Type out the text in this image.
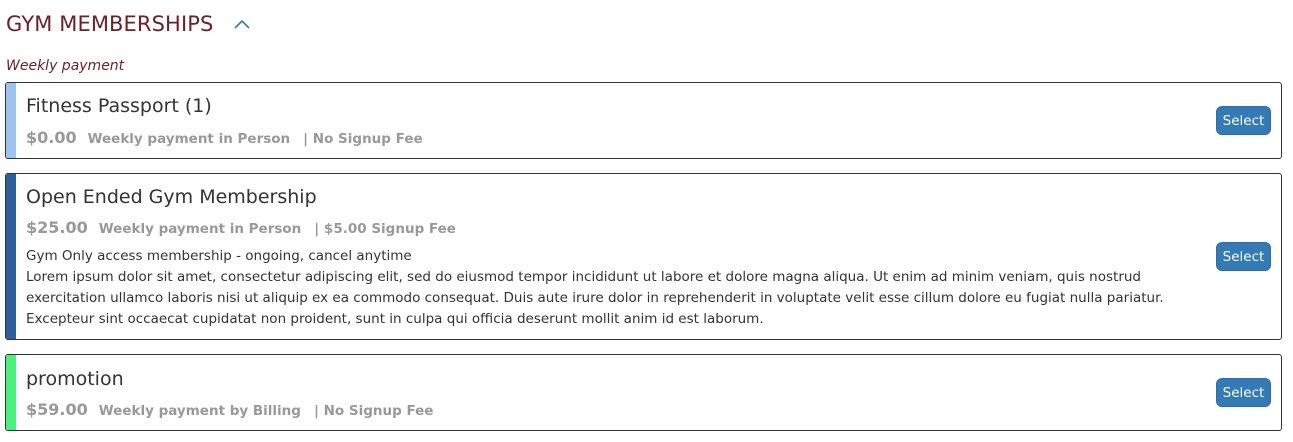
GYM MEMBERSHIPS
Weekly payment
Fitness Passport (1)
$0.00 Weekly payment in Person | No Signup Fee
Select
Open Ended Gym Membership
$25.00 Weekly payment in Person | $5.00 Signup Fee
Gym Only access membership - ongoing, cancel anytime
Lorem ipsum dolor sit amet, consectetur adipiscing elit, sed do eiusmod tempor incididunt ut labore et dolore magna aliqua. Ut enim ad minim veniam, quis nostrud exercitation ullamco laboris nisi ut aliquip ex ea commodo consequat. Duis aute irure dolor in reprehenderit in voluptate velit esse cillum dolore eu fugiat nulla pariatur. Excepteur sint occaecat cupidatat non proident, sunt in culpa qui officia deserunt mollit anim id est laborum.
Select
promotion
$59.00 Weekly payment by Billing | No Signup Fee
Select
